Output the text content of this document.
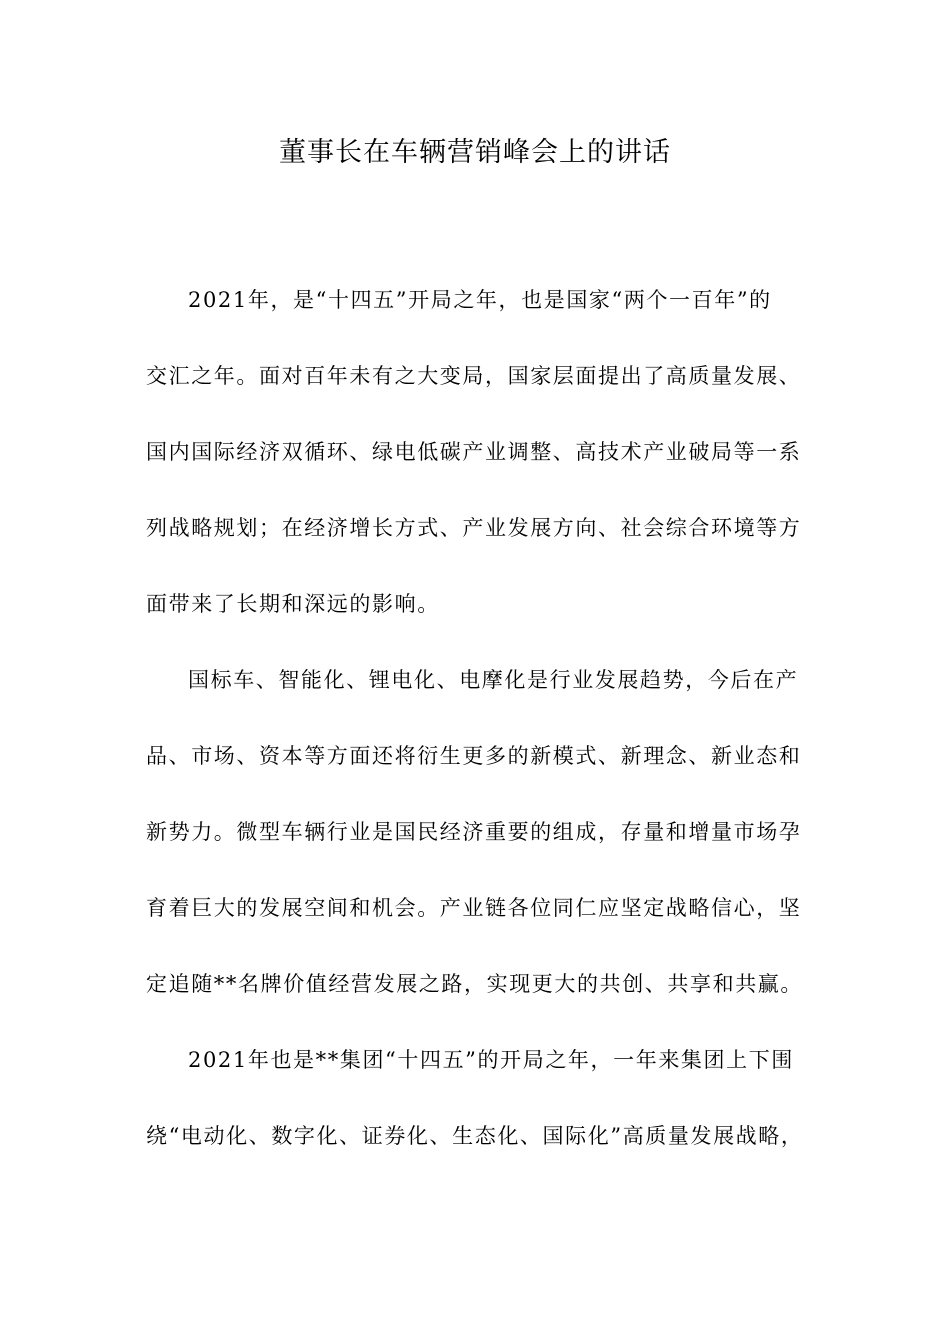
董事长在车辆营销峰会上的讲话

2021年，是“十四五”开局之年，也是国家“两个一百年”的
交汇之年。面对百年未有之大变局，国家层面提出了高质量发展、
国内国际经济双循环、绿电低碳产业调整、高技术产业破局等一系
列战略规划；在经济增长方式、产业发展方向、社会综合环境等方
面带来了长期和深远的影响。

国标车、智能化、锂电化、电摩化是行业发展趋势，今后在产
品、市场、资本等方面还将衍生更多的新模式、新理念、新业态和
新势力。微型车辆行业是国民经济重要的组成，存量和增量市场孕
育着巨大的发展空间和机会。产业链各位同仁应坚定战略信心，坚
定追随**名牌价值经营发展之路，实现更大的共创、共享和共赢。

2021年也是**集团“十四五”的开局之年，一年来集团上下围
绕“电动化、数字化、证券化、生态化、国际化”高质量发展战略，
